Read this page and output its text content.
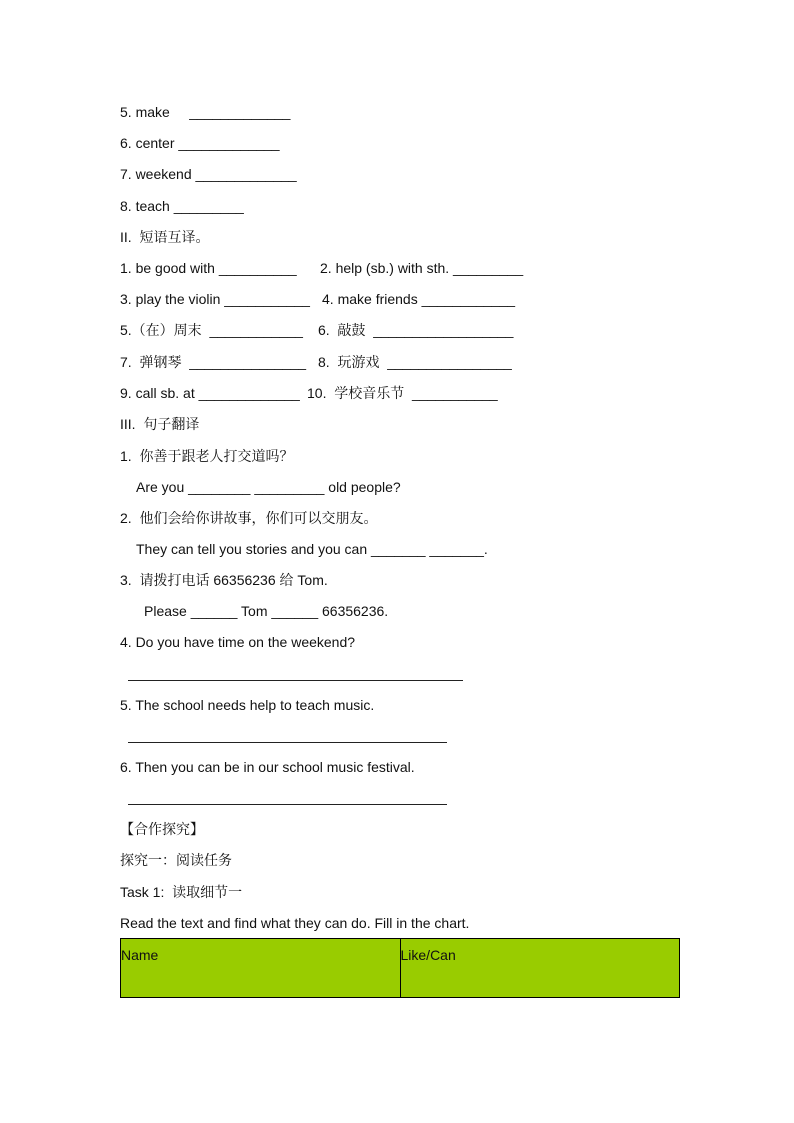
5. make     _____________
6. center _____________
7. weekend _____________
8. teach _________
II.  短语互译。
1. be good with __________ 2. help (sb.) with sth. _________
3. play the violin ___________ 4. make friends ____________
5.（在）周末  ____________ 6.  敲鼓  __________________
7.  弹钢琴  _______________ 8.  玩游戏  ________________
9. call sb. at _____________ 10.  学校音乐节  ___________
III.  句子翻译
1.  你善于跟老人打交道吗？
Are you ________ _________ old people?
2.  他们会给你讲故事，你们可以交朋友。
They can tell you stories and you can _______ _______.
3.  请拨打电话 66356236 给 Tom.
Please ______ Tom ______ 66356236.
4. Do you have time on the weekend?
5. The school needs help to teach music.
6. Then you can be in our school music festival.
【合作探究】
探究一：阅读任务
Task 1:  读取细节一
Read the text and find what they can do. Fill in the chart.
Name	Like/Can
